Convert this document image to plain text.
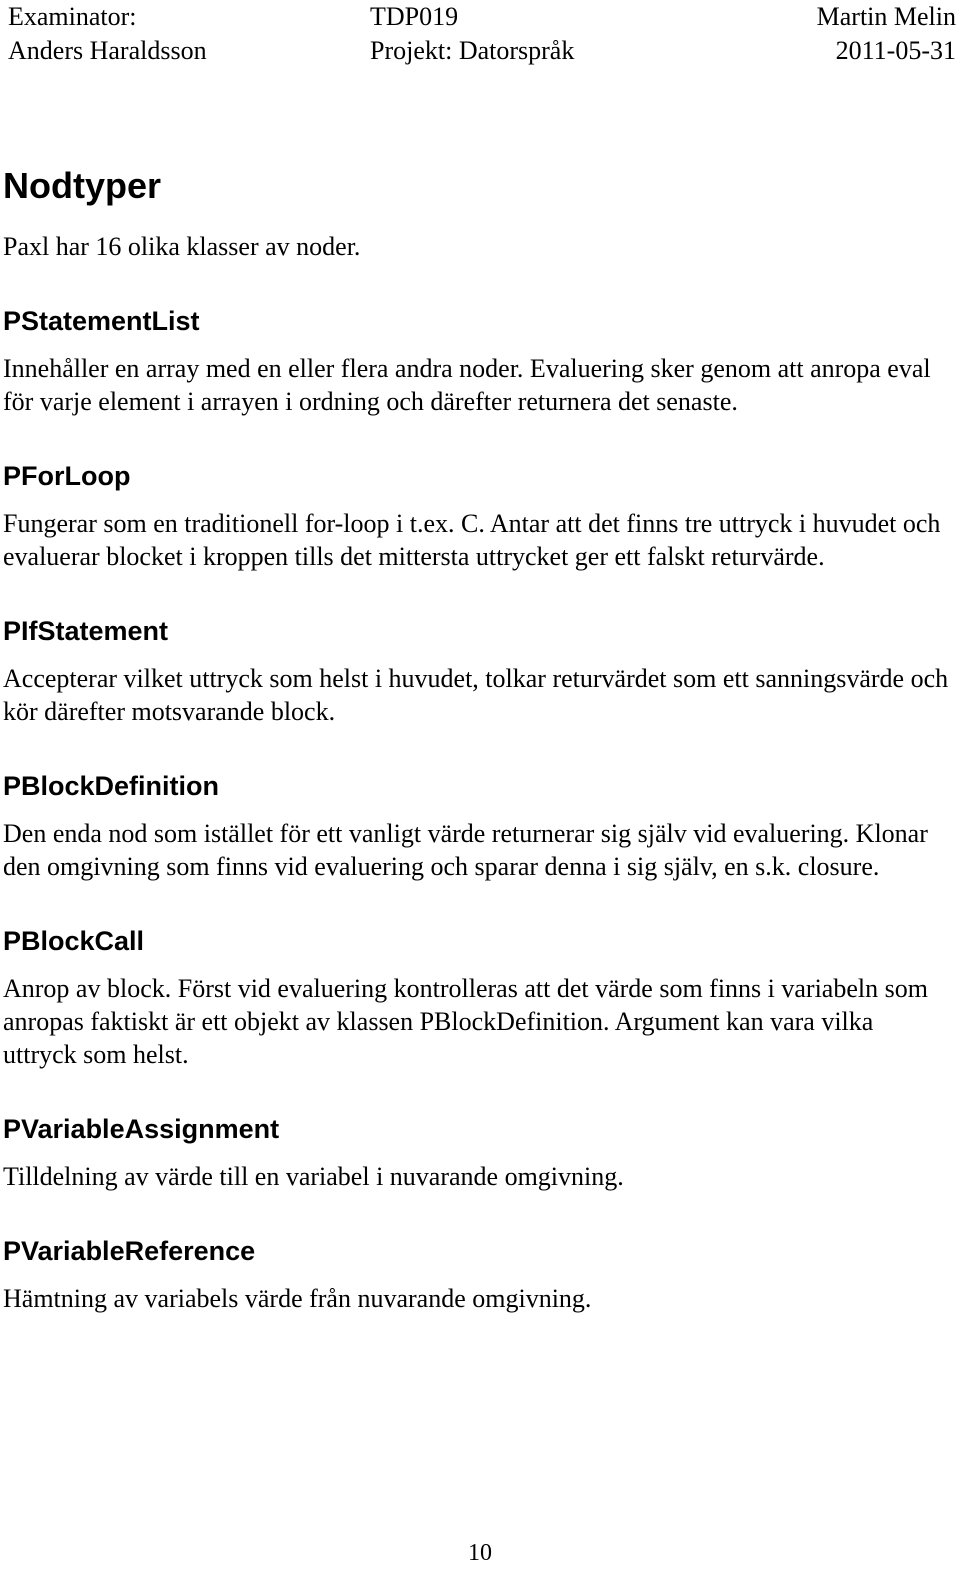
Examinator:	TDP019	Martin Melin
Anders Haraldsson	Projekt: Datorspråk	2011-05-31
Nodtyper

Paxl har 16 olika klasser av noder.

PStatementList

Innehåller en array med en eller flera andra noder. Evaluering sker genom att anropa eval för varje element i arrayen i ordning och därefter returnera det senaste.

PForLoop

Fungerar som en traditionell for-loop i t.ex. C. Antar att det finns tre uttryck i huvudet och evaluerar blocket i kroppen tills det mittersta uttrycket ger ett falskt returvärde.

PIfStatement

Accepterar vilket uttryck som helst i huvudet, tolkar returvärdet som ett sanningsvärde och kör därefter motsvarande block.

PBlockDefinition

Den enda nod som istället för ett vanligt värde returnerar sig själv vid evaluering. Klonar den omgivning som finns vid evaluering och sparar denna i sig själv, en s.k. closure.

PBlockCall

Anrop av block. Först vid evaluering kontrolleras att det värde som finns i variabeln som anropas faktiskt är ett objekt av klassen PBlockDefinition. Argument kan vara vilka uttryck som helst.

PVariableAssignment

Tilldelning av värde till en variabel i nuvarande omgivning.

PVariableReference

Hämtning av variabels värde från nuvarande omgivning.

10
